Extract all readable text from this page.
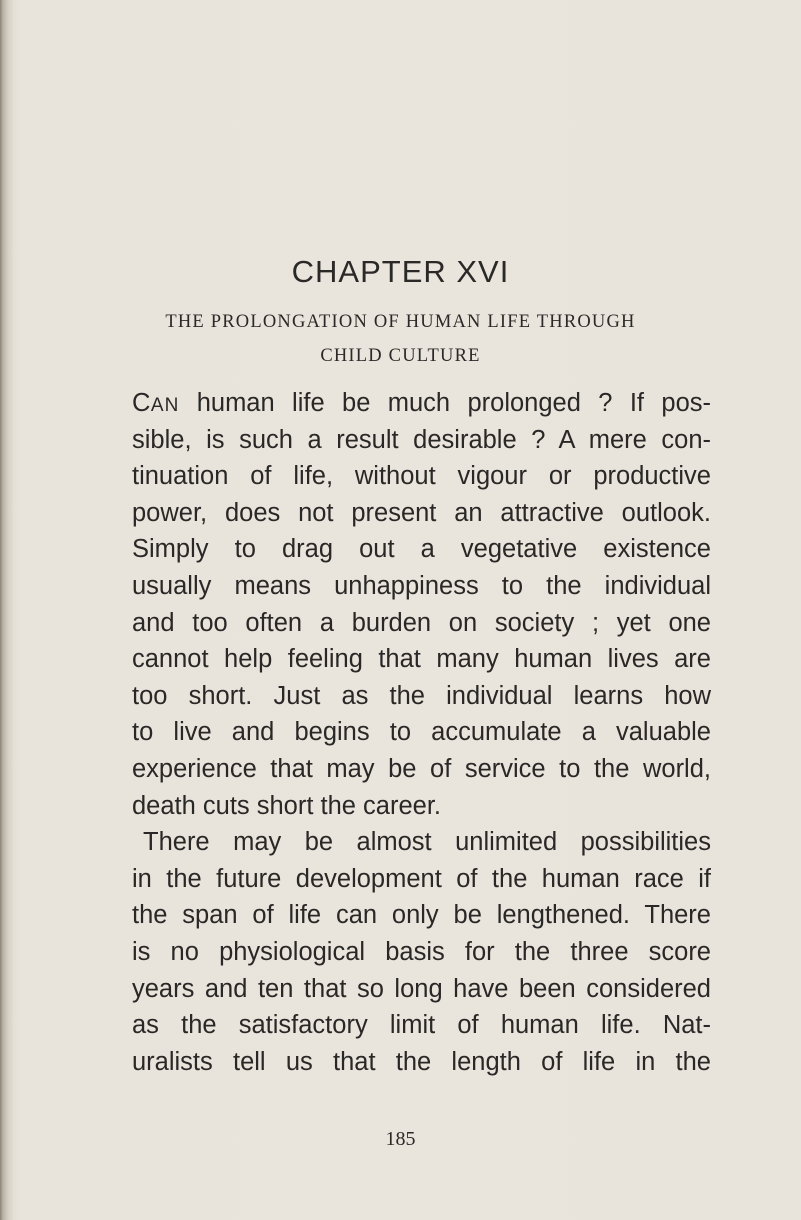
CHAPTER XVI
THE PROLONGATION OF HUMAN LIFE THROUGH
CHILD CULTURE
CAN human life be much prolonged ? If pos-
sible, is such a result desirable ? A mere con-
tinuation of life, without vigour or productive
power, does not present an attractive outlook.
Simply to drag out a vegetative existence
usually means unhappiness to the individual
and too often a burden on society ; yet one
cannot help feeling that many human lives are
too short. Just as the individual learns how
to live and begins to accumulate a valuable
experience that may be of service to the world,
death cuts short the career.
There may be almost unlimited possibilities
in the future development of the human race if
the span of life can only be lengthened. There
is no physiological basis for the three score
years and ten that so long have been considered
as the satisfactory limit of human life. Nat-
uralists tell us that the length of life in the
185
